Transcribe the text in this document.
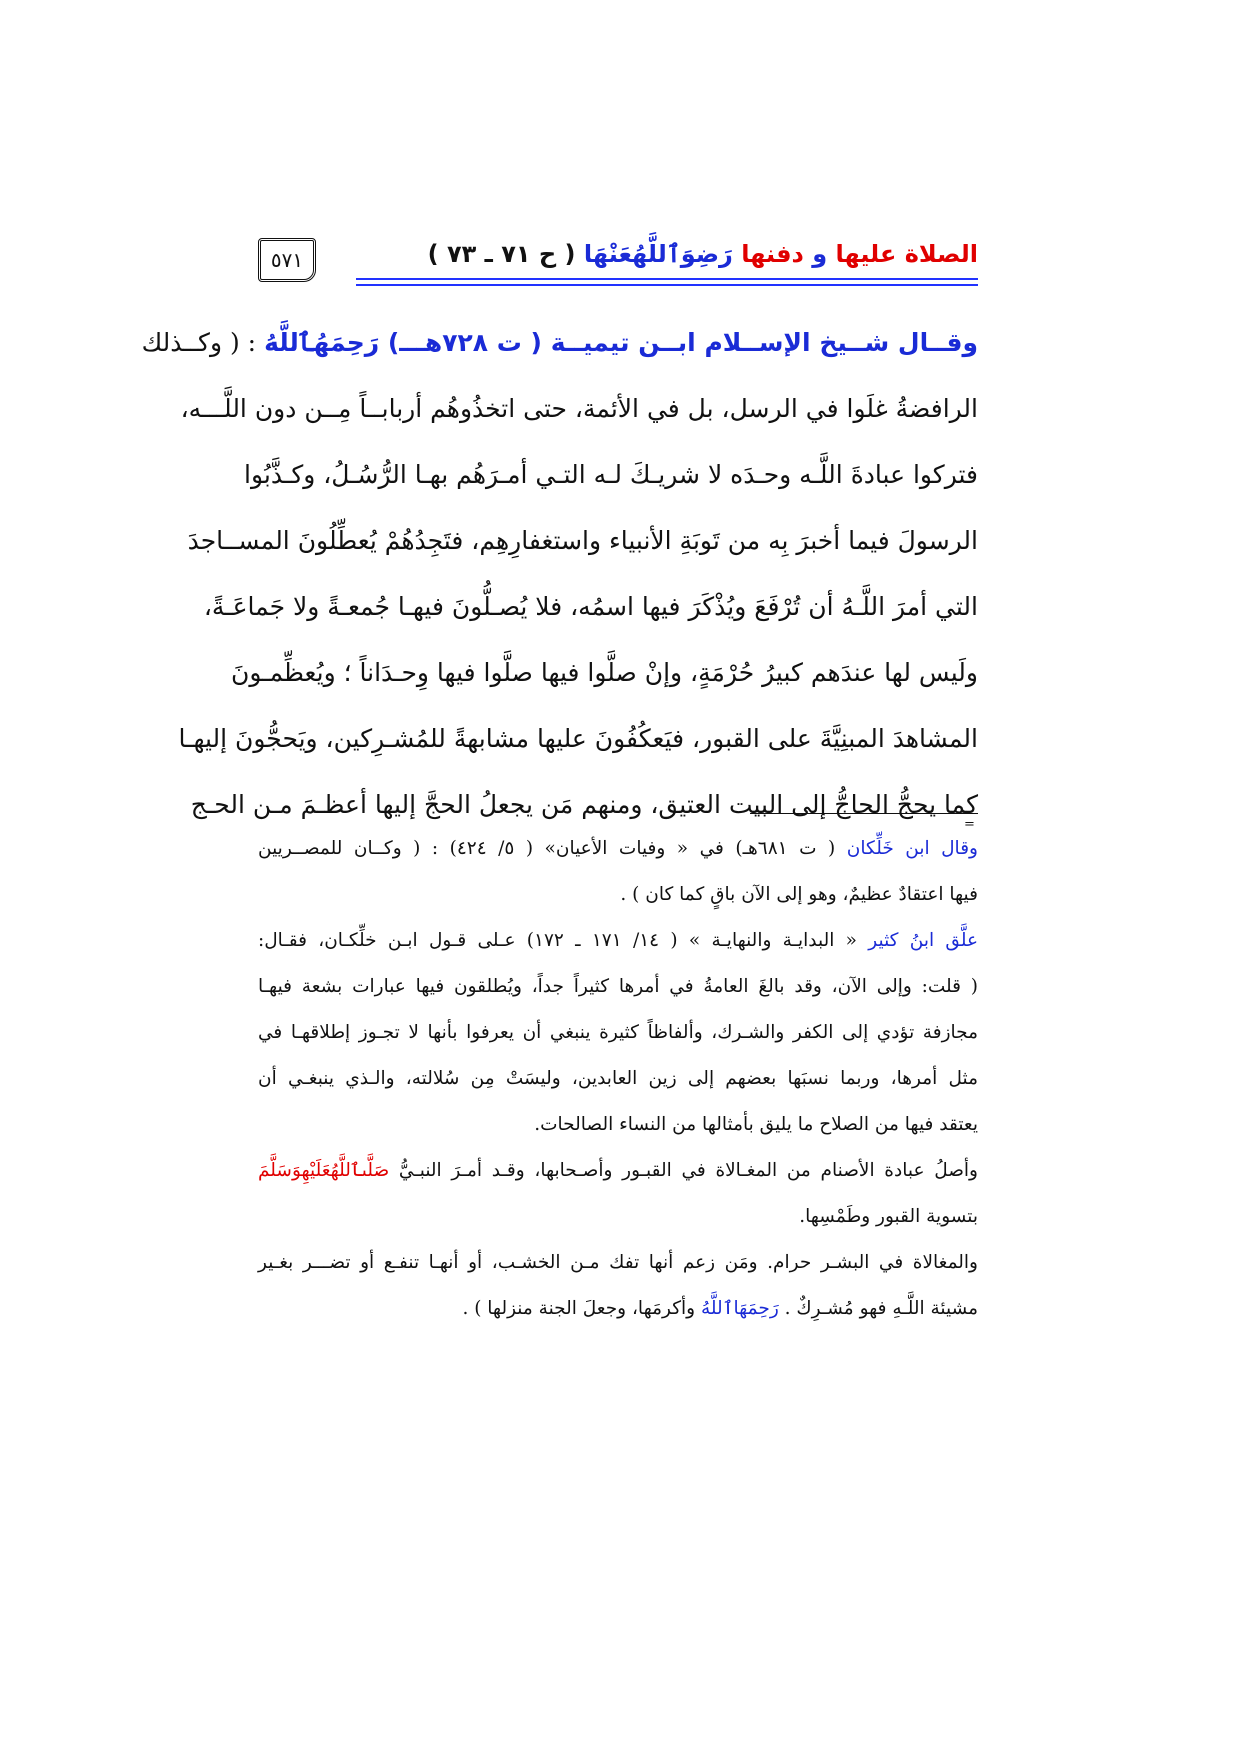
٥٧١	الصلاة عليها و دفنها رَضِوَٱللَّهُعَنْهَا ( ح ٧١ ـ ٧٣ )
وقــال شــيخ الإســلام ابــن تيميــة ( ت ٧٢٨هـــ) رَحِمَهُٱللَّهُ : ( وكــذلك
الرافضةُ غلَوا في الرسل، بل في الأئمة، حتى اتخذُوهُم أربابــاً مِــن دون اللَّـــه،
فتركوا عبادةَ اللَّـه وحـدَه لا شريـكَ لـه التـي أمـرَهُم بهـا الرُّسُـلُ، وكـذَّبُوا
الرسولَ فيما أخبرَ بِه من تَوبَةِ الأنبياء واستغفارِهِم، فتَجِدُهُمْ يُعطِّلُونَ المســاجدَ
التي أمرَ اللَّـهُ أن تُرْفَعَ ويُذْكَرَ فيها اسمُه، فلا يُصـلُّونَ فيهـا جُمعـةً ولا جَماعَـةً،
ولَيس لها عندَهم كبيرُ حُرْمَةٍ، وإنْ صلَّوا فيها صلَّوا فيها وِحـدَاناً ؛ ويُعظِّمـونَ
المشاهدَ المبنِيَّةَ على القبور، فيَعكُفُونَ عليها مشابهةً للمُشـرِكين، ويَحجُّونَ إليهـا
كما يحجُّ الحاجُّ إلى البيت العتيق، ومنهم مَن يجعلُ الحجَّ إليها أعظـمَ مـن الحـج
=
وقال ابن خَلِّكان ( ت ٦٨١هـ) في « وفيات الأعيان» ( ٥/ ٤٢٤) : ( وكــان للمصــريين
فيها اعتقادٌ عظيمٌ، وهو إلى الآن باقٍ كما كان ) .
علَّق ابنُ كثير « البدايـة والنهايـة » ( ١٤/ ١٧١ ـ ١٧٢) عـلى قـول ابـن خلِّكـان، فقـال:
( قلت: وإلى الآن، وقد بالغَ العامةُ في أمرها كثيراً جداً، ويُطلقون فيها عبارات بشعة فيهـا
مجازفة تؤدي إلى الكفر والشـرك، وألفاظاً كثيرة ينبغي أن يعرفوا بأنها لا تجـوز إطلاقهـا في
مثل أمرها، وربما نسبَها بعضهم إلى زين العابدين، وليسَتْ مِن سُلالته، والـذي ينبغـي أن
يعتقد فيها من الصلاح ما يليق بأمثالها من النساء الصالحات.
وأصلُ عبادة الأصنام من المغـالاة في القبـور وأصـحابها، وقـد أمـرَ النبـيُّ صَلَّىٱللَّهُعَلَيْهِوَسَلَّمَ
بتسوية القبور وطَمْسِها.
والمغالاة في البشـر حرام. ومَن زعم أنها تفك مـن الخشـب، أو أنهـا تنفـع أو تضـــر بغـير
مشيئة اللَّـهِ فهو مُشـرِكٌ . رَحِمَهَاٱللَّهُ وأكرمَها، وجعلَ الجنة منزلها ) .
